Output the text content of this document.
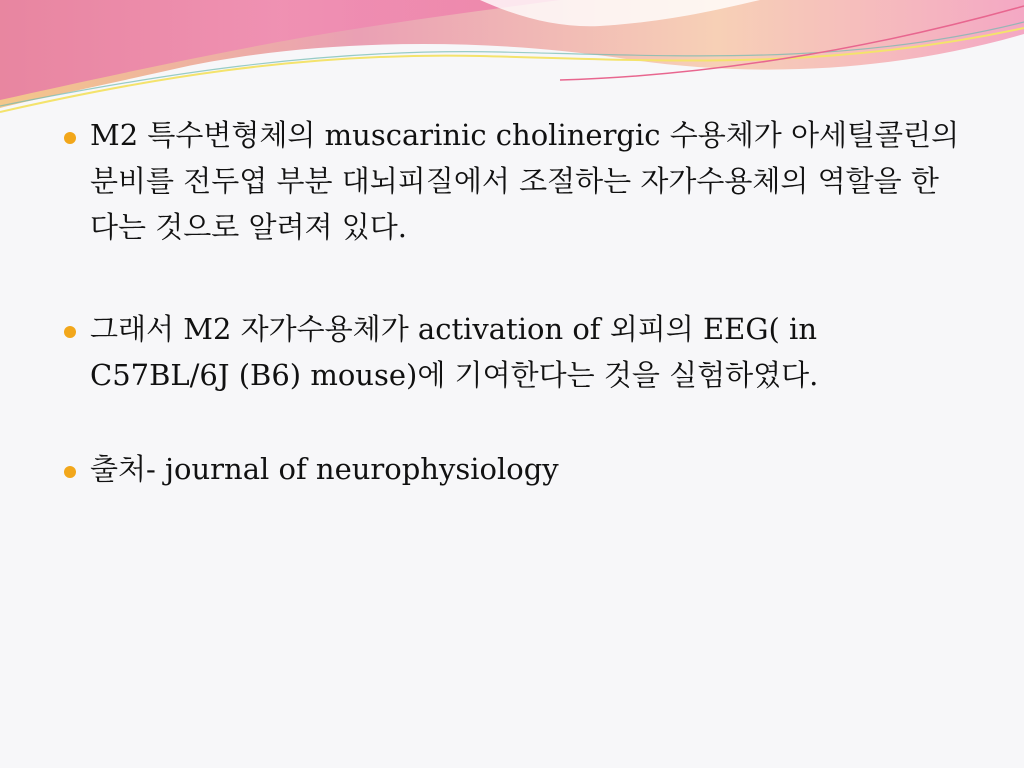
M2 특수변형체의 muscarinic cholinergic 수용체가 아세틸콜린의 분비를 전두엽 부분 대뇌피질에서 조절하는 자가수용체의 역할을 한다는 것으로 알려져 있다.
그래서 M2 자가수용체가 activation of 외피의 EEG( in C57BL/6J (B6) mouse)에 기여한다는 것을 실험하였다.
출처- journal of neurophysiology
